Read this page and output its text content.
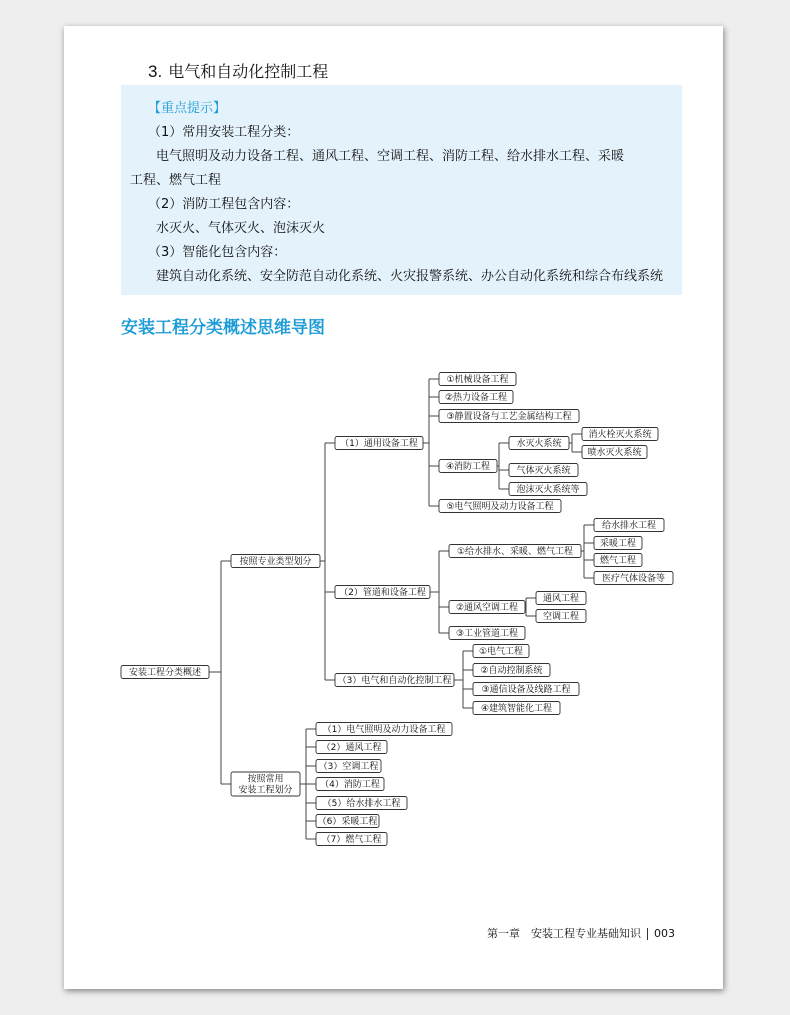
3. 电气和自动化控制工程
【重点提示】
（1）常用安装工程分类：
电气照明及动力设备工程、通风工程、空调工程、消防工程、给水排水工程、采暖
工程、燃气工程
（2）消防工程包含内容：
水灭火、气体灭火、泡沫灭火
（3）智能化包含内容：
建筑自动化系统、安全防范自动化系统、火灾报警系统、办公自动化系统和综合布线系统
安装工程分类概述思维导图
安装工程分类概述
按照专业类型划分
按照常用安装工程划分
（1）通用设备工程
（2）管道和设备工程
（3）电气和自动化控制工程
①机械设备工程
②热力设备工程
③静置设备与工艺金属结构工程
④消防工程
⑤电气照明及动力设备工程
水灭火系统
气体灭火系统
泡沫灭火系统等
消火栓灭火系统
喷水灭火系统
①给水排水、采暖、燃气工程
②通风空调工程
③工业管道工程
给水排水工程
采暖工程
燃气工程
医疗气体设备等
通风工程
空调工程
①电气工程
②自动控制系统
③通信设备及线路工程
④建筑智能化工程
（1）电气照明及动力设备工程
（2）通风工程
（3）空调工程
（4）消防工程
（5）给水排水工程
（6）采暖工程
（7）燃气工程
第一章　安装工程专业基础知识 003
